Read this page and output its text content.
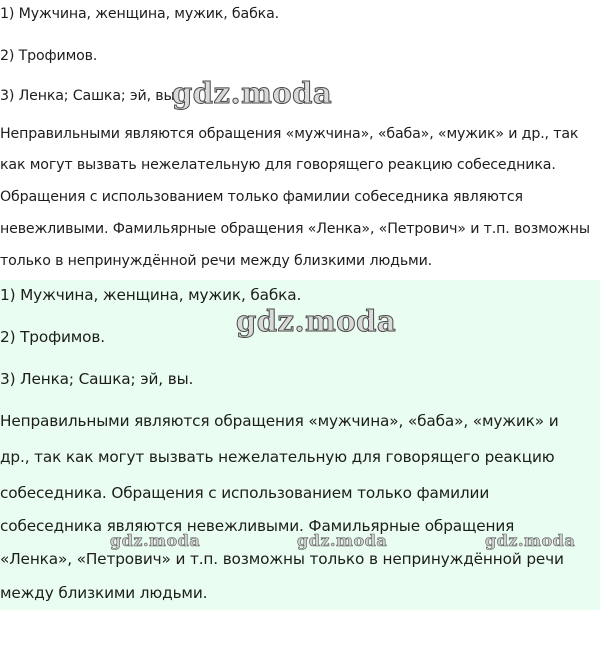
1) Мужчина, женщина, мужик, бабка.

2) Трофимов.

3) Ленка; Сашка; эй, вы.

Неправильными являются обращения «мужчина», «баба», «мужик» и др., так

как могут вызвать нежелательную для говорящего реакцию собеседника.

Обращения с использованием только фамилии собеседника являются

невежливыми. Фамильярные обращения «Ленка», «Петрович» и т.п. возможны

только в непринуждённой речи между близкими людьми.

gdz.moda

1) Мужчина, женщина, мужик, бабка.

2) Трофимов.

3) Ленка; Сашка; эй, вы.

Неправильными являются обращения «мужчина», «баба», «мужик» и

др., так как могут вызвать нежелательную для говорящего реакцию

собеседника. Обращения с использованием только фамилии

собеседника являются невежливыми. Фамильярные обращения

«Ленка», «Петрович» и т.п. возможны только в непринуждённой речи

между близкими людьми.

gdz.moda
gdz.moda	gdz.moda	gdz.moda
